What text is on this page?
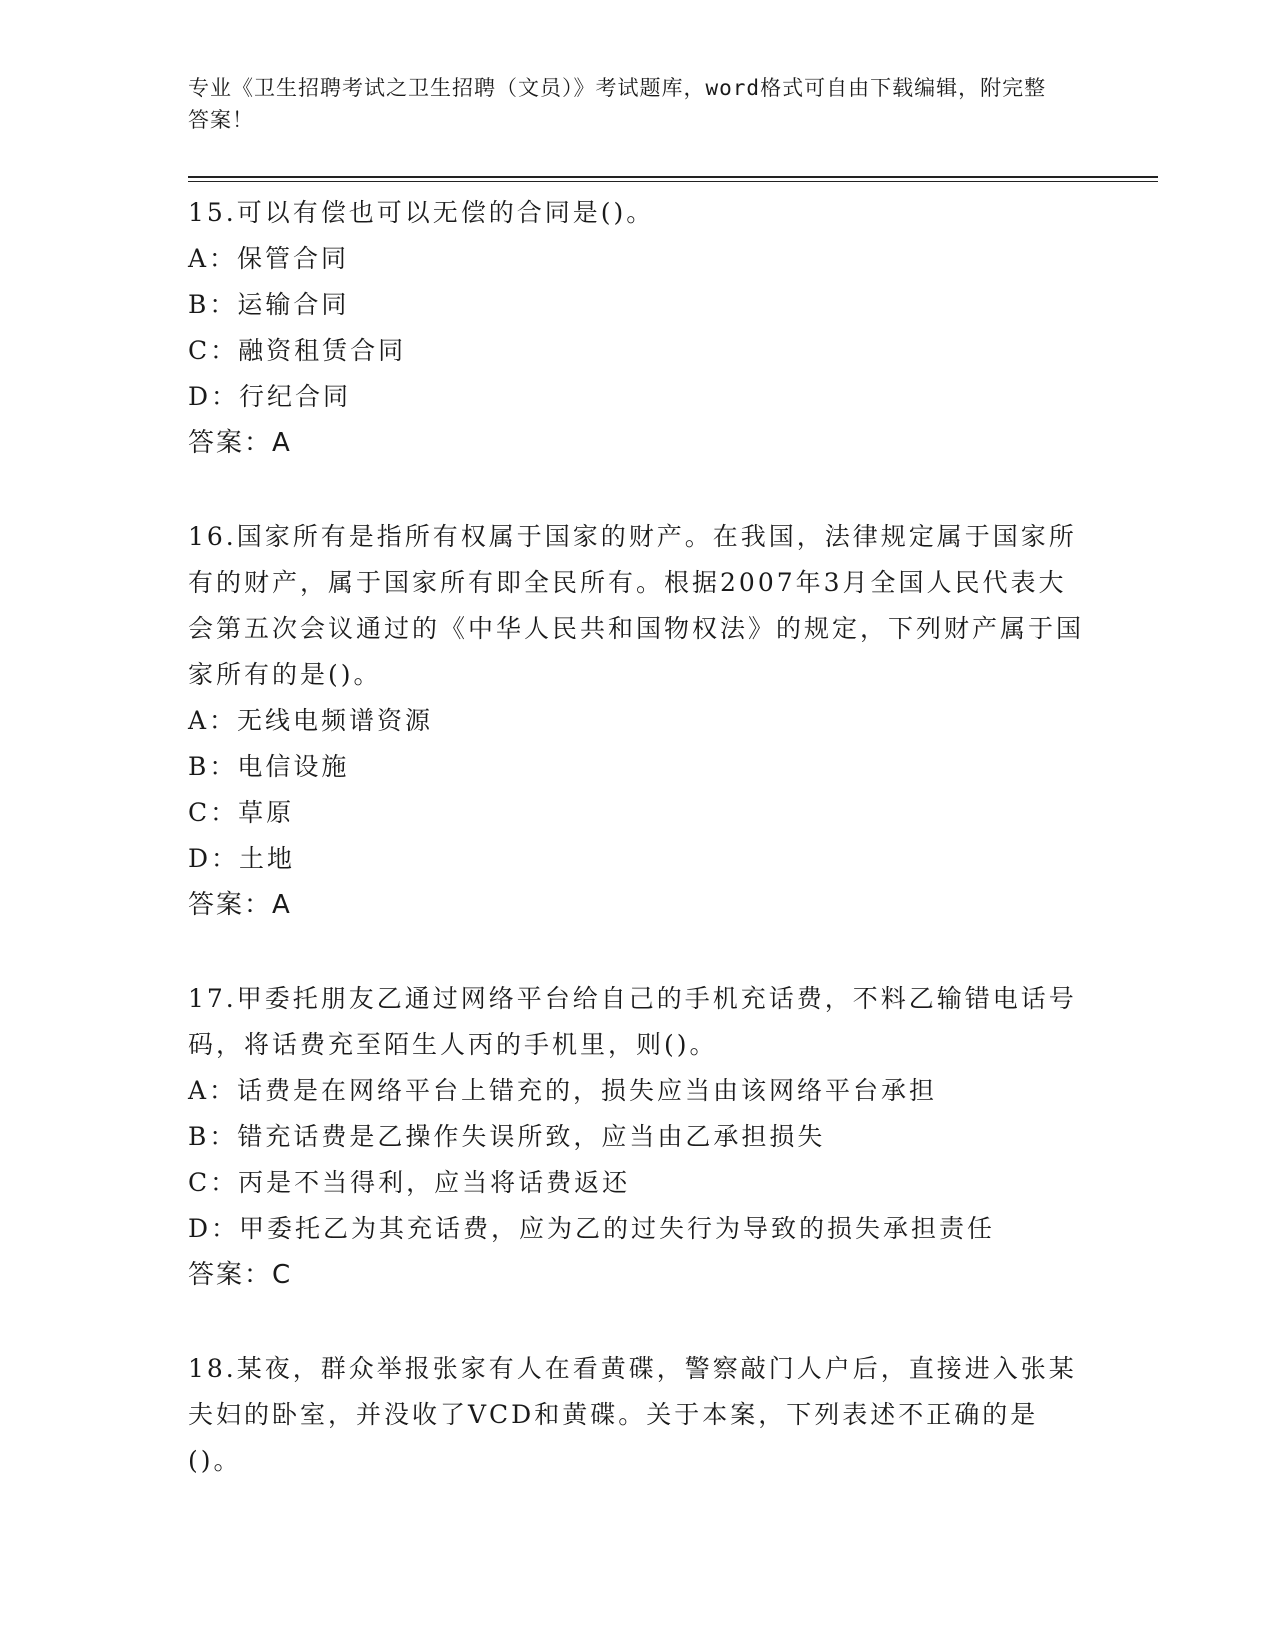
专业《卫生招聘考试之卫生招聘（文员）》考试题库，word格式可自由下载编辑，附完整答案！
15.可以有偿也可以无偿的合同是()。
A：保管合同
B：运输合同
C：融资租赁合同
D：行纪合同
答案：A
16.国家所有是指所有权属于国家的财产。在我国，法律规定属于国家所有的财产，属于国家所有即全民所有。根据2007年3月全国人民代表大会第五次会议通过的《中华人民共和国物权法》的规定，下列财产属于国家所有的是()。
A：无线电频谱资源
B：电信设施
C：草原
D：土地
答案：A
17.甲委托朋友乙通过网络平台给自己的手机充话费，不料乙输错电话号码，将话费充至陌生人丙的手机里，则()。
A：话费是在网络平台上错充的，损失应当由该网络平台承担
B：错充话费是乙操作失误所致，应当由乙承担损失
C：丙是不当得利，应当将话费返还
D：甲委托乙为其充话费，应为乙的过失行为导致的损失承担责任
答案：C
18.某夜，群众举报张家有人在看黄碟，警察敲门人户后，直接进入张某夫妇的卧室，并没收了VCD和黄碟。关于本案，下列表述不正确的是()。
